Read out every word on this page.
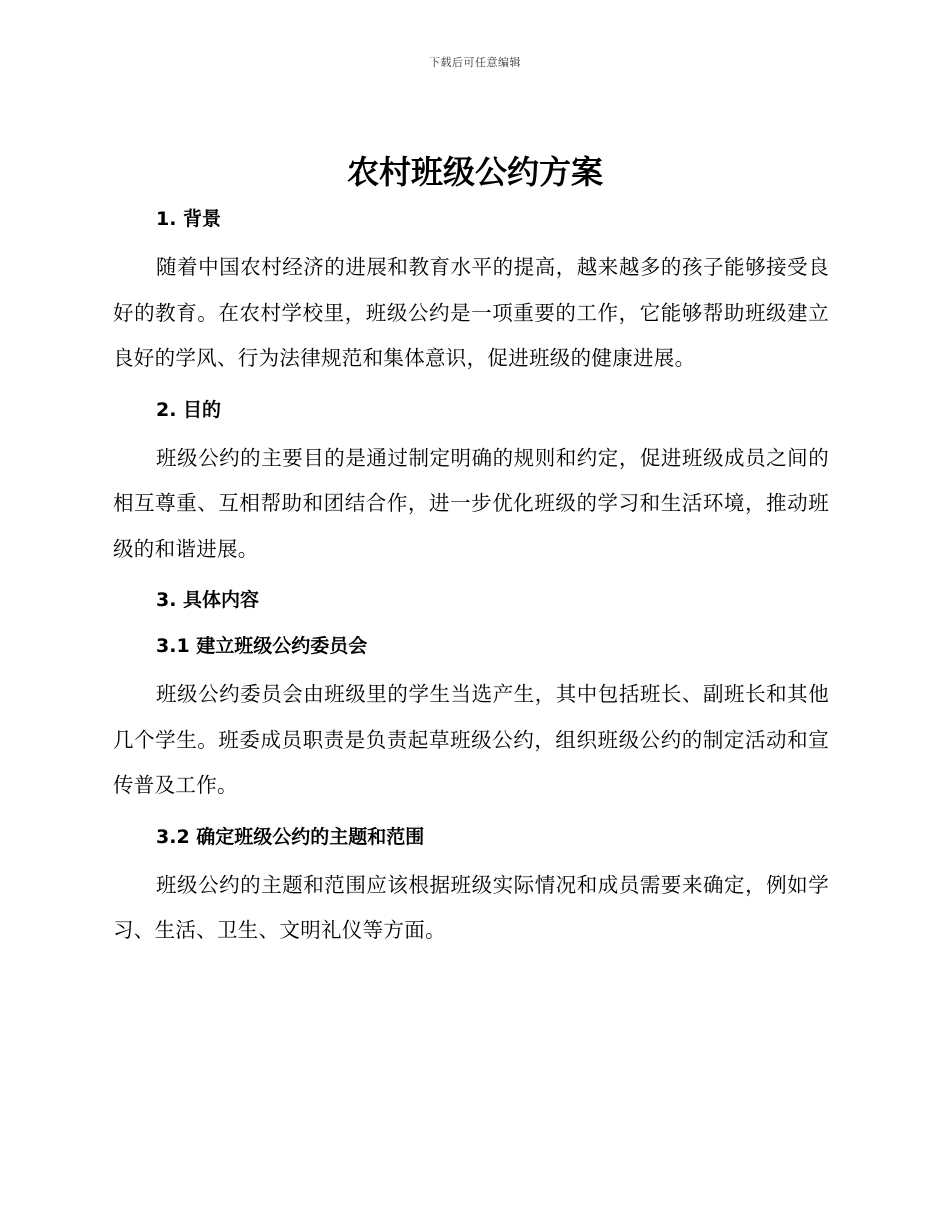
下载后可任意编辑
农村班级公约方案
1. 背景

随着中国农村经济的进展和教育水平的提高，越来越多的孩子能够接受良好的教育。在农村学校里，班级公约是一项重要的工作，它能够帮助班级建立良好的学风、行为法律规范和集体意识，促进班级的健康进展。

2. 目的

班级公约的主要目的是通过制定明确的规则和约定，促进班级成员之间的相互尊重、互相帮助和团结合作，进一步优化班级的学习和生活环境，推动班级的和谐进展。

3. 具体内容
3.1 建立班级公约委员会

班级公约委员会由班级里的学生当选产生，其中包括班长、副班长和其他几个学生。班委成员职责是负责起草班级公约，组织班级公约的制定活动和宣传普及工作。

3.2 确定班级公约的主题和范围

班级公约的主题和范围应该根据班级实际情况和成员需要来确定，例如学习、生活、卫生、文明礼仪等方面。
